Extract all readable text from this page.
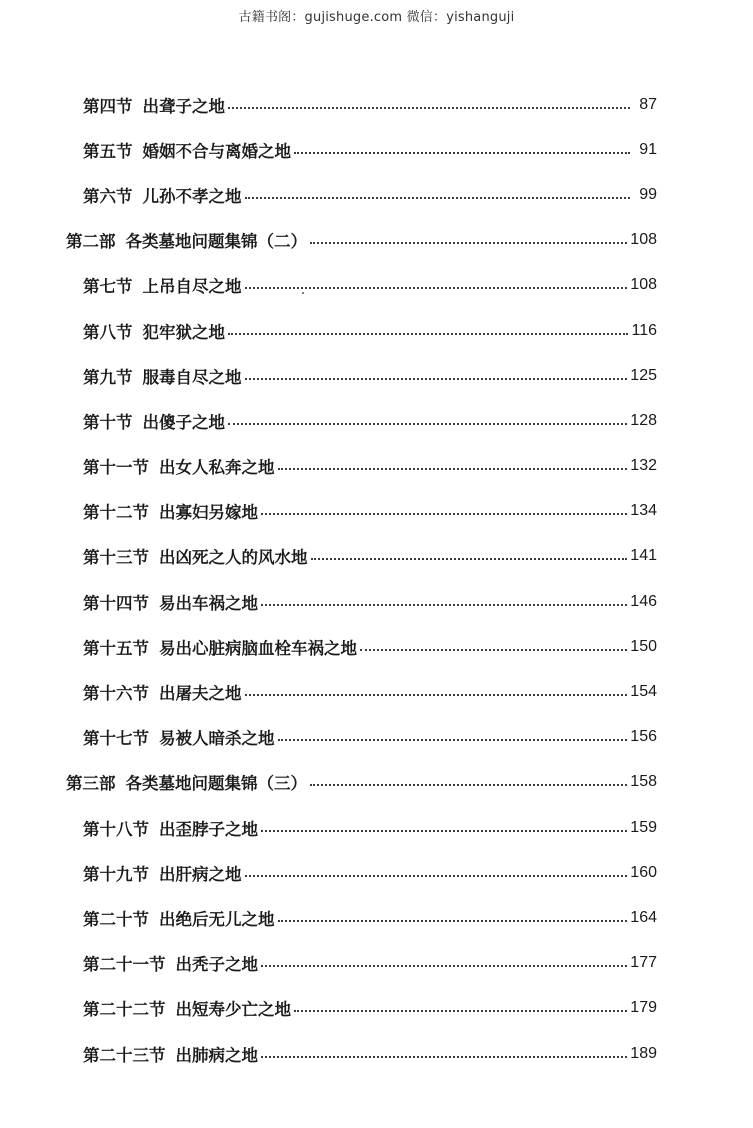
古籍书阁：gujishuge.com 微信：yishanguji
第四节 出聋子之地	87
第五节 婚姻不合与离婚之地	91
第六节 儿孙不孝之地	99
第二部 各类墓地问题集锦（二）	108
第七节 上吊自尽之地	108
第八节 犯牢狱之地	116
第九节 服毒自尽之地	125
第十节 出傻子之地	128
第十一节 出女人私奔之地	132
第十二节 出寡妇另嫁地	134
第十三节 出凶死之人的风水地	141
第十四节 易出车祸之地	146
第十五节 易出心脏病脑血栓车祸之地	150
第十六节 出屠夫之地	154
第十七节 易被人暗杀之地	156
第三部 各类墓地问题集锦（三）	158
第十八节 出歪脖子之地	159
第十九节 出肝病之地	160
第二十节 出绝后无儿之地	164
第二十一节 出秃子之地	177
第二十二节 出短寿少亡之地	179
第二十三节 出肺病之地	189
